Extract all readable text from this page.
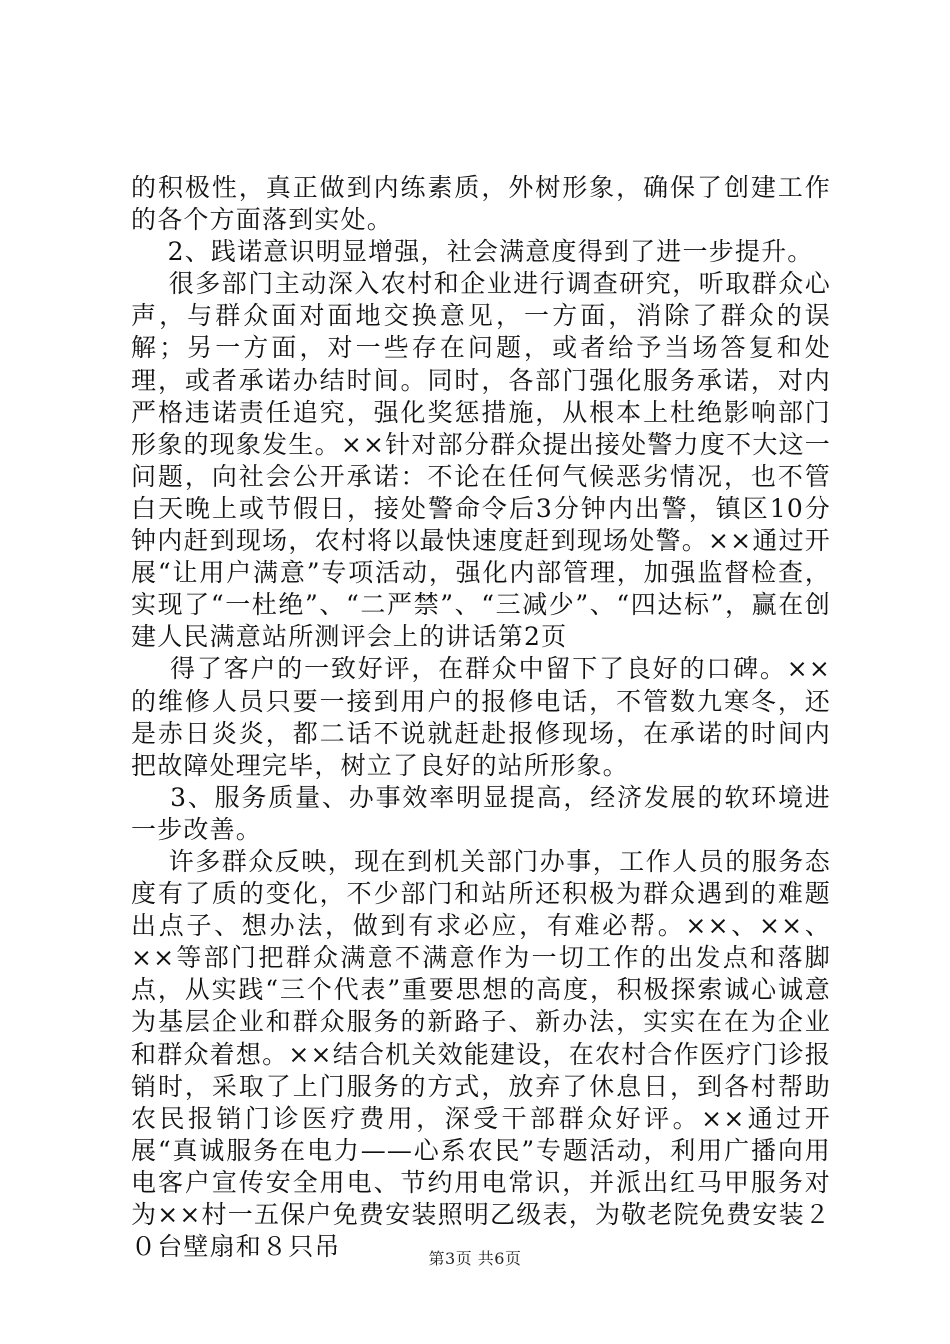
的积极性，真正做到内练素质，外树形象，确保了创建工作的各个方面落到实处。

2、践诺意识明显增强，社会满意度得到了进一步提升。

很多部门主动深入农村和企业进行调查研究，听取群众心声，与群众面对面地交换意见，一方面，消除了群众的误解；另一方面，对一些存在问题，或者给予当场答复和处理，或者承诺办结时间。同时，各部门强化服务承诺，对内严格违诺责任追究，强化奖惩措施，从根本上杜绝影响部门形象的现象发生。××针对部分群众提出接处警力度不大这一问题，向社会公开承诺：不论在任何气候恶劣情况，也不管白天晚上或节假日，接处警命令后3分钟内出警，镇区10分钟内赶到现场，农村将以最快速度赶到现场处警。××通过开展“让用户满意”专项活动，强化内部管理，加强监督检查，实现了“一杜绝”、“二严禁”、“三减少”、“四达标”，赢在创建人民满意站所测评会上的讲话第2页

得了客户的一致好评，在群众中留下了良好的口碑。××的维修人员只要一接到用户的报修电话，不管数九寒冬，还是赤日炎炎，都二话不说就赶赴报修现场，在承诺的时间内把故障处理完毕，树立了良好的站所形象。

3、服务质量、办事效率明显提高，经济发展的软环境进一步改善。

许多群众反映，现在到机关部门办事，工作人员的服务态度有了质的变化，不少部门和站所还积极为群众遇到的难题出点子、想办法，做到有求必应，有难必帮。××、××、××等部门把群众满意不满意作为一切工作的出发点和落脚点，从实践“三个代表”重要思想的高度，积极探索诚心诚意为基层企业和群众服务的新路子、新办法，实实在在为企业和群众着想。××结合机关效能建设，在农村合作医疗门诊报销时，采取了上门服务的方式，放弃了休息日，到各村帮助农民报销门诊医疗费用，深受干部群众好评。××通过开展“真诚服务在电力——心系农民”专题活动，利用广播向用电客户宣传安全用电、节约用电常识，并派出红马甲服务对为××村一五保户免费安装照明乙级表，为敬老院免费安装２０台壁扇和８只吊	第3页 共6页
